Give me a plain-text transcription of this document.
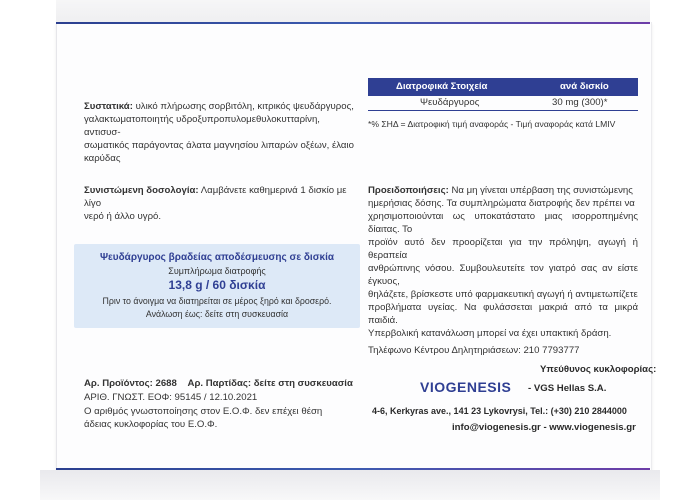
Συστατικά: υλικό πλήρωσης σορβιτόλη, κιτρικός ψευδάργυρος,
γαλακτωματοποιητής υδροξυπροπυλομεθυλοκυτταρίνη, αντισυσ-
σωματικός παράγοντας άλατα μαγνησίου λιπαρών οξέων, έλαιο
καρύδας
Διατροφικά Στοιχεία	ανά δισκίο
Ψευδάργυρος	30 mg (300)*
*% ΣΗΔ = Διατροφική τιμή αναφοράς - Τιμή αναφοράς κατά LMIV
Συνιστώμενη δοσολογία: Λαμβάνετε καθημερινά 1 δισκίο με λίγο
νερό ή άλλο υγρό.
Προειδοποιήσεις: Να μη γίνεται υπέρβαση της συνιστώμενης
ημερήσιας δόσης. Τα συμπληρώματα διατροφής δεν πρέπει να
χρησιμοποιούνται ως υποκατάστατο μιας ισορροπημένης δίαιτας. Το
προϊόν αυτό δεν προορίζεται για την πρόληψη, αγωγή ή θεραπεία
ανθρώπινης νόσου. Συμβουλευτείτε τον γιατρό σας αν είστε έγκυος,
θηλάζετε, βρίσκεστε υπό φαρμακευτική αγωγή ή αντιμετωπίζετε
προβλήματα υγείας. Να φυλάσσεται μακριά από τα μικρά παιδιά.
Υπερβολική κατανάλωση μπορεί να έχει υπακτική δράση.
Τηλέφωνο Κέντρου Δηλητηριάσεων: 210 7793777
Ψευδάργυρος βραδείας αποδέσμευσης σε δισκία
Συμπλήρωμα διατροφής
13,8 g / 60 δισκία
Πριν το άνοιγμα να διατηρείται σε μέρος ξηρό και δροσερό.
Ανάλωση έως: δείτε στη συσκευασία
Αρ. Προϊόντος: 2688 Αρ. Παρτίδας: δείτε στη συσκευασία
ΑΡΙΘ. ΓΝΩΣΤ. ΕΟΦ: 95145 / 12.10.2021
Ο αριθμός γνωστοποίησης στον Ε.Ο.Φ. δεν επέχει θέση
άδειας κυκλοφορίας του Ε.Ο.Φ.
Υπεύθυνος κυκλοφορίας:
VIOGENESIS - VGS Hellas S.A.
4-6, Kerkyras ave., 141 23 Lykovrysi, Tel.: (+30) 210 2844000
info@viogenesis.gr - www.viogenesis.gr
